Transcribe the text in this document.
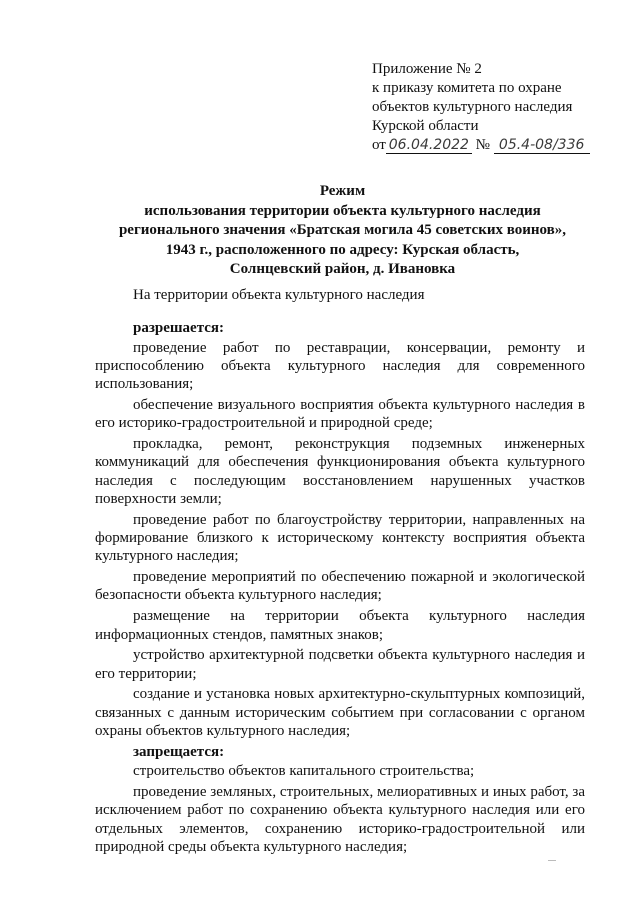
Приложение № 2
к приказу комитета по охране
объектов культурного наследия
Курской области
от 06.04.2022 № 05.4-08/336
Режим
использования территории объекта культурного наследия
регионального значения «Братская могила 45 советских воинов»,
1943 г., расположенного по адресу: Курская область,
Солнцевский район, д. Ивановка

На территории объекта культурного наследия

разрешается:

проведение работ по реставрации, консервации, ремонту и приспособлению объекта культурного наследия для современного использования;

обеспечение визуального восприятия объекта культурного наследия в его историко-градостроительной и природной среде;

прокладка, ремонт, реконструкция подземных инженерных коммуникаций для обеспечения функционирования объекта культурного наследия с последующим восстановлением нарушенных участков поверхности земли;

проведение работ по благоустройству территории, направленных на формирование близкого к историческому контексту восприятия объекта культурного наследия;

проведение мероприятий по обеспечению пожарной и экологической безопасности объекта культурного наследия;

размещение на территории объекта культурного наследия информационных стендов, памятных знаков;

устройство архитектурной подсветки объекта культурного наследия и его территории;

создание и установка новых архитектурно-скульптурных композиций, связанных с данным историческим событием при согласовании с органом охраны объектов культурного наследия;

запрещается:

строительство объектов капитального строительства;

проведение земляных, строительных, мелиоративных и иных работ, за исключением работ по сохранению объекта культурного наследия или его отдельных элементов, сохранению историко-градостроительной или природной среды объекта культурного наследия;
